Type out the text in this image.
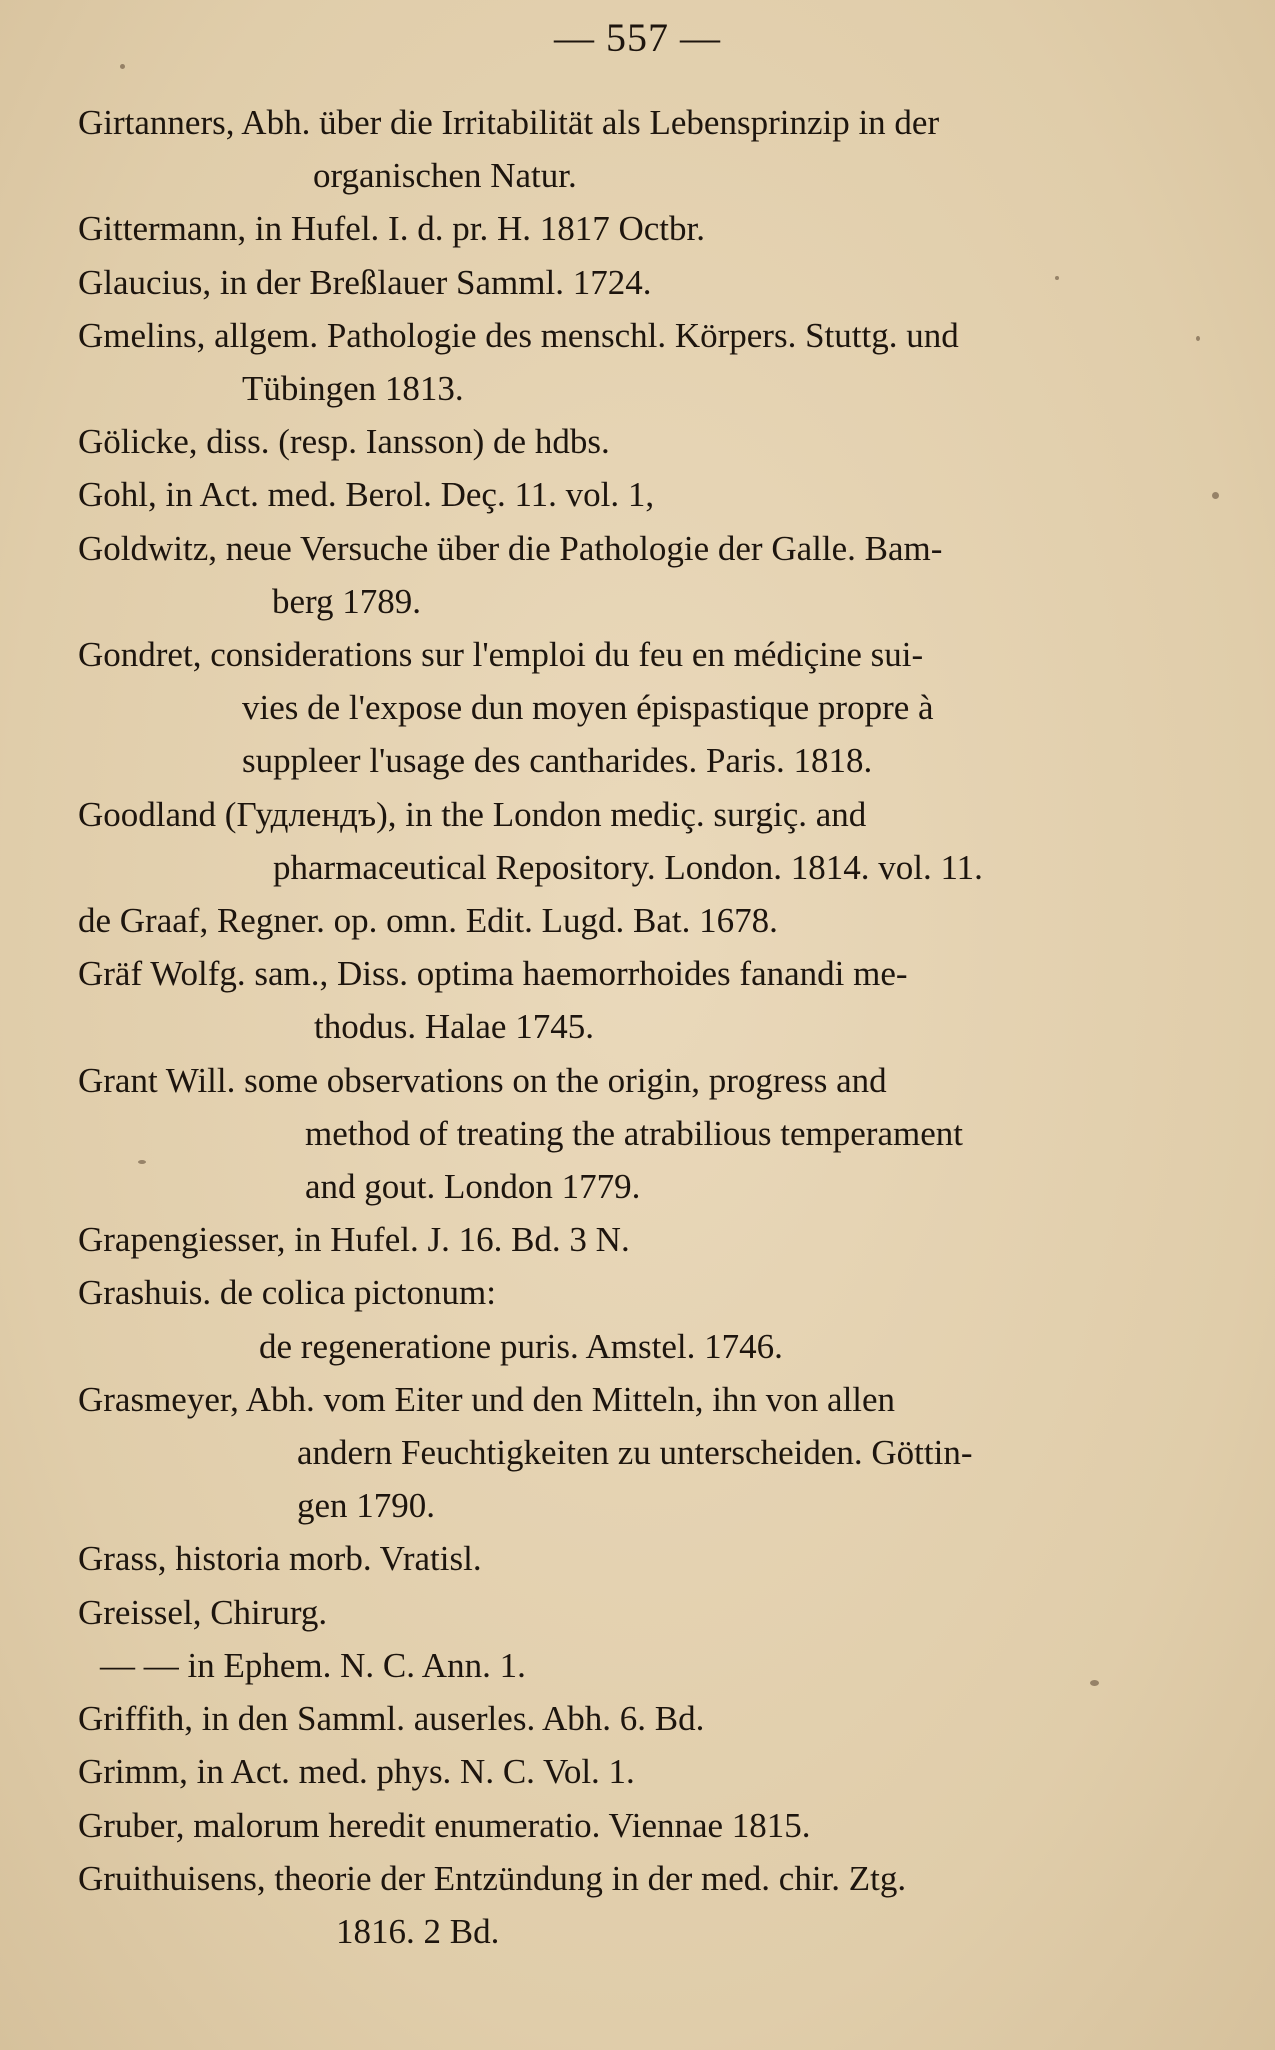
— 557 —
Girtanners, Abh. über die Irritabilität als Lebensprinzip in der
organischen Natur.
Gittermann, in Hufel. I. d. pr. H. 1817 Octbr.
Glaucius, in der Breßlauer Samml. 1724.
Gmelins, allgem. Pathologie des menschl. Körpers. Stuttg. und
Tübingen 1813.
Gölicke, diss. (resp. Iansson) de hdbs.
Gohl, in Act. med. Berol. Deç. 11. vol. 1,
Goldwitz, neue Versuche über die Pathologie der Galle. Bam-
berg 1789.
Gondret, considerations sur l'emploi du feu en médiçine sui-
vies de l'expose dun moyen épispastique propre à
suppleer l'usage des cantharides. Paris. 1818.
Goodland (Гудлендъ), in the London mediç. surgiç. and
pharmaceutical Repository. London. 1814. vol. 11.
de Graaf, Regner. op. omn. Edit. Lugd. Bat. 1678.
Gräf Wolfg. sam., Diss. optima haemorrhoides fanandi me-
thodus. Halae 1745.
Grant Will. some observations on the origin, progress and
method of treating the atrabilious temperament
and gout. London 1779.
Grapengiesser, in Hufel. J. 16. Bd. 3 N.
Grashuis. de colica pictonum:
de regeneratione puris. Amstel. 1746.
Grasmeyer, Abh. vom Eiter und den Mitteln, ihn von allen
andern Feuchtigkeiten zu unterscheiden. Göttin-
gen 1790.
Grass, historia morb. Vratisl.
Greissel, Chirurg.
— — in Ephem. N. C. Ann. 1.
Griffith, in den Samml. auserles. Abh. 6. Bd.
Grimm, in Act. med. phys. N. C. Vol. 1.
Gruber, malorum heredit enumeratio. Viennae 1815.
Gruithuisens, theorie der Entzündung in der med. chir. Ztg.
1816. 2 Bd.
